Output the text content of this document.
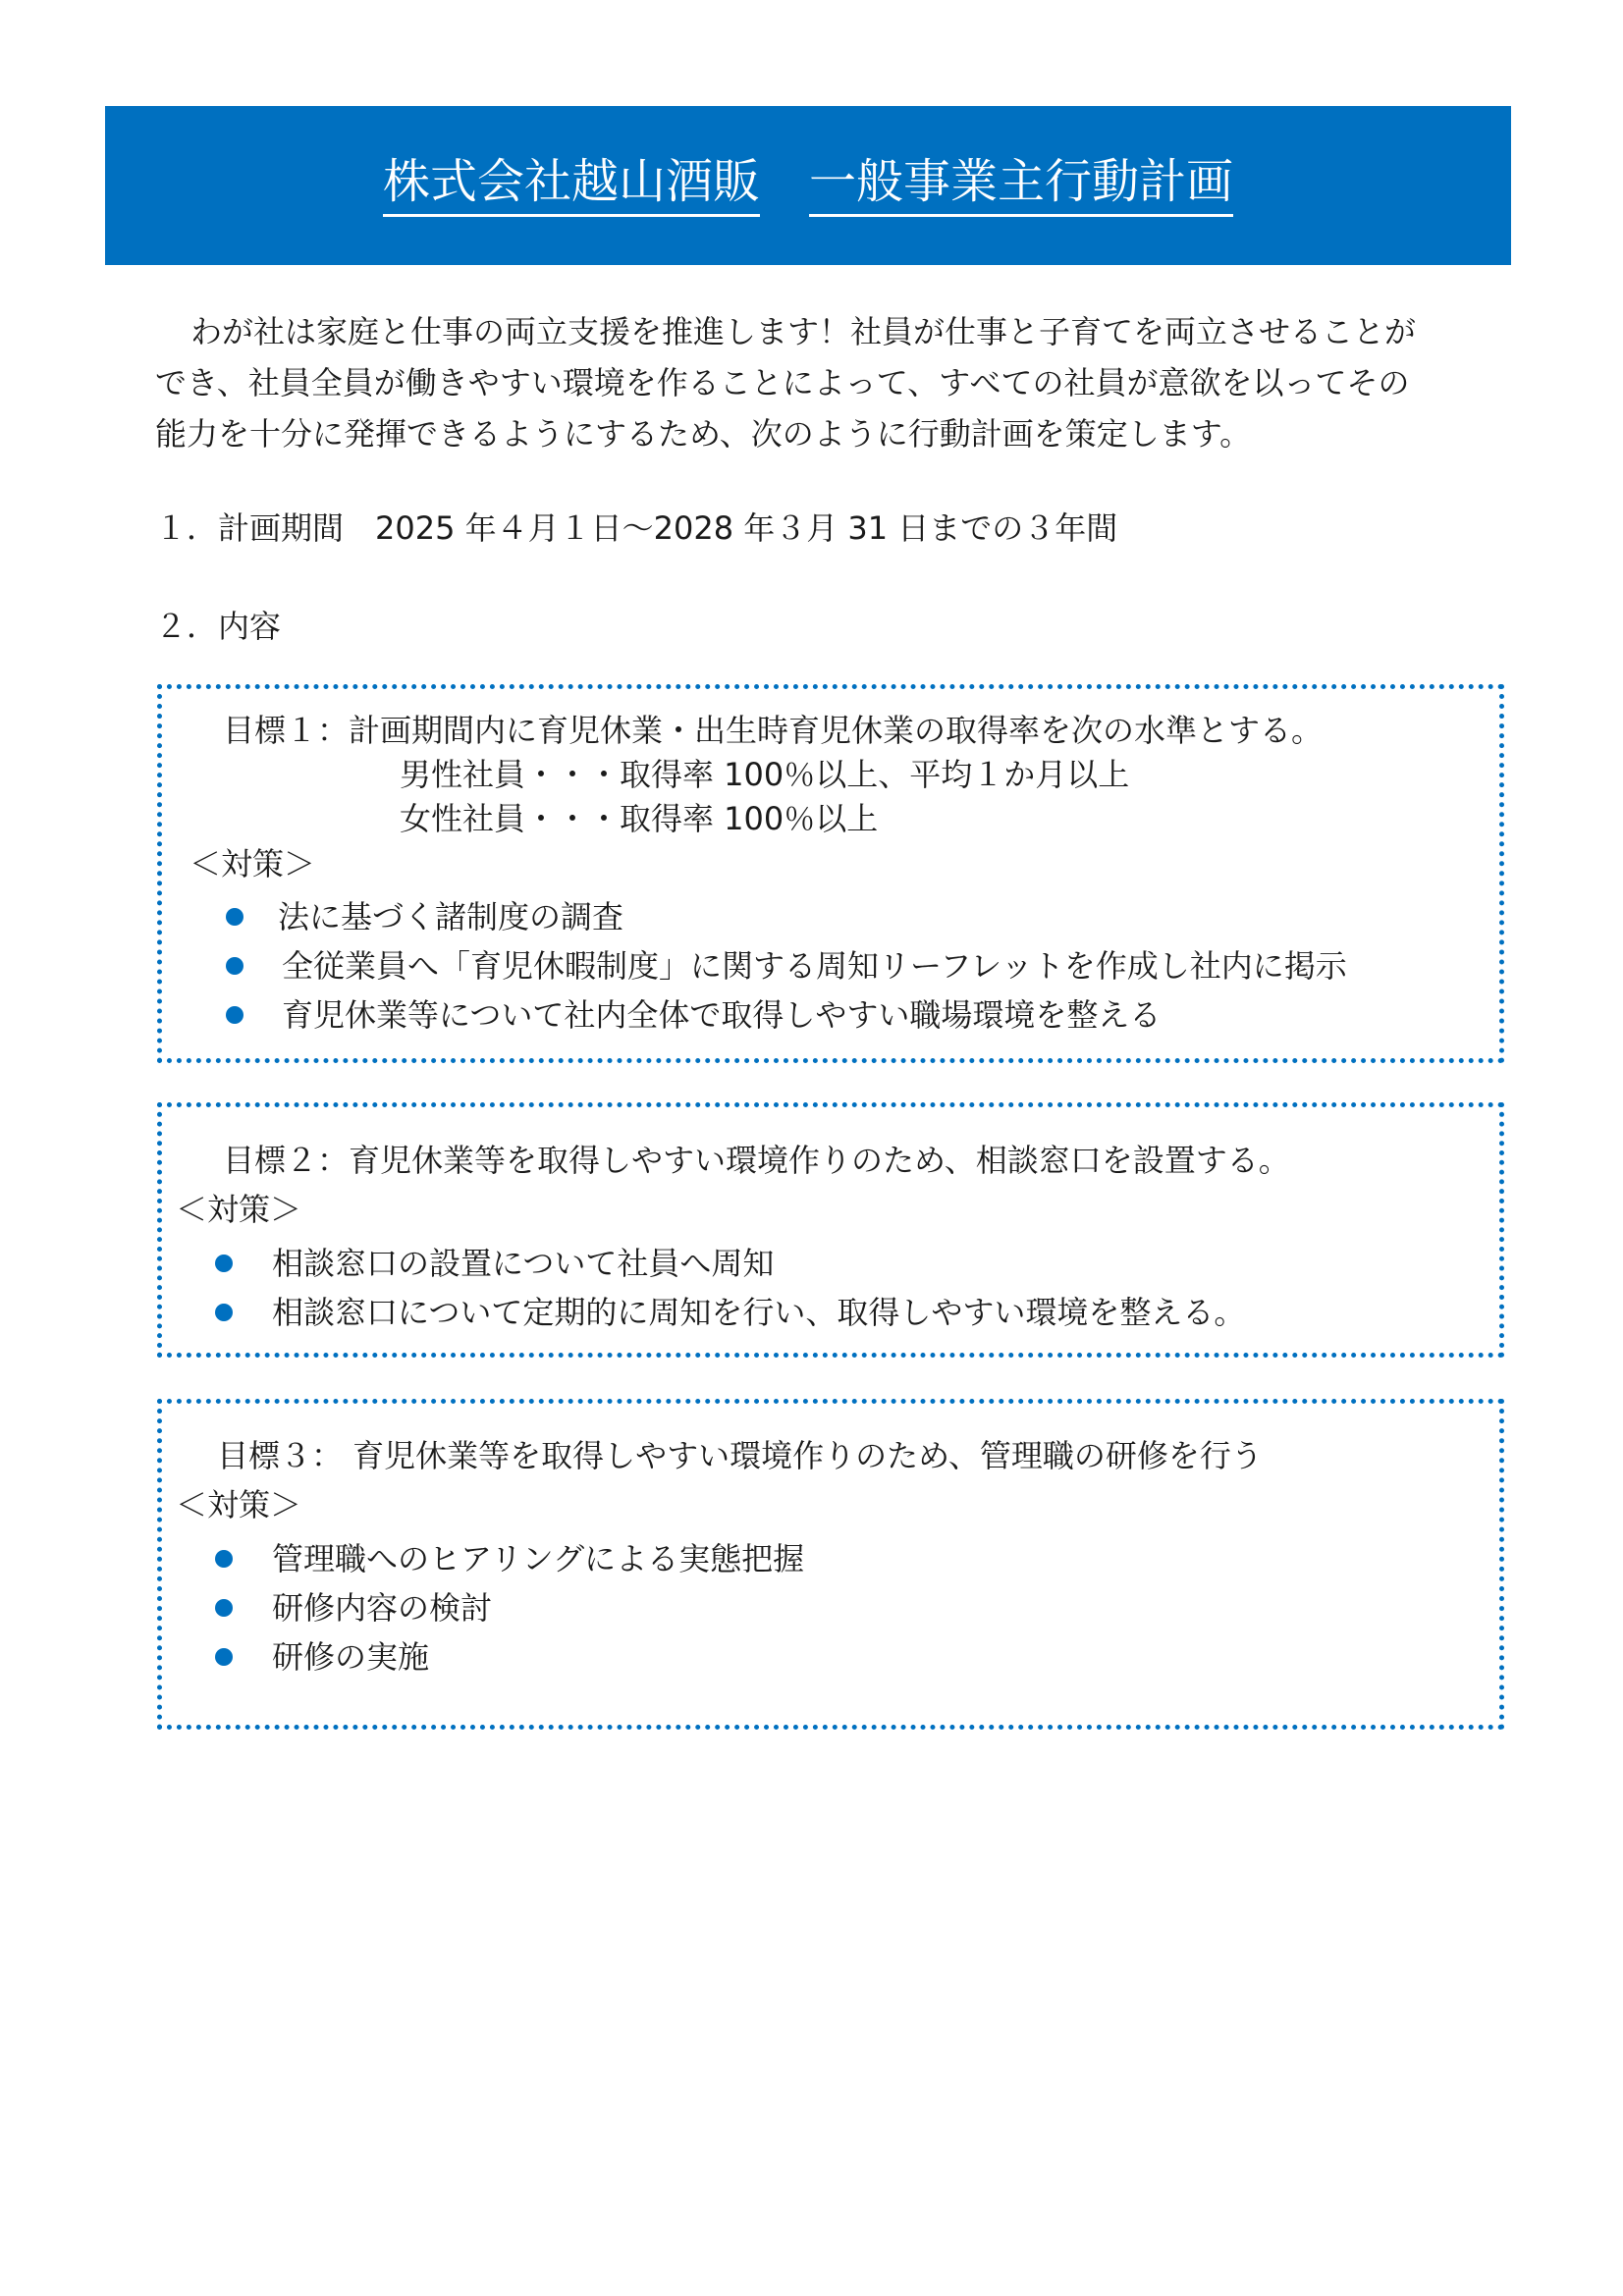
株式会社越山酒販 一般事業主行動計画

わが社は家庭と仕事の両立支援を推進します！社員が仕事と子育てを両立させることが

でき、社員全員が働きやすい環境を作ることによって、すべての社員が意欲を以ってその

能力を十分に発揮できるようにするため、次のように行動計画を策定します。

１．計画期間　2025 年４月１日～2028 年３月 31 日までの３年間
２．内容
目標１：計画期間内に育児休業・出生時育児休業の取得率を次の水準とする。
男性社員・・・取得率 100％以上、平均１か月以上
女性社員・・・取得率 100％以上
＜対策＞
法に基づく諸制度の調査
全従業員へ「育児休暇制度」に関する周知リーフレットを作成し社内に掲示
育児休業等について社内全体で取得しやすい職場環境を整える
目標２：育児休業等を取得しやすい環境作りのため、相談窓口を設置する。
＜対策＞
相談窓口の設置について社員へ周知
相談窓口について定期的に周知を行い、取得しやすい環境を整える。
目標３： 育児休業等を取得しやすい環境作りのため、管理職の研修を行う
＜対策＞
管理職へのヒアリングによる実態把握
研修内容の検討
研修の実施
